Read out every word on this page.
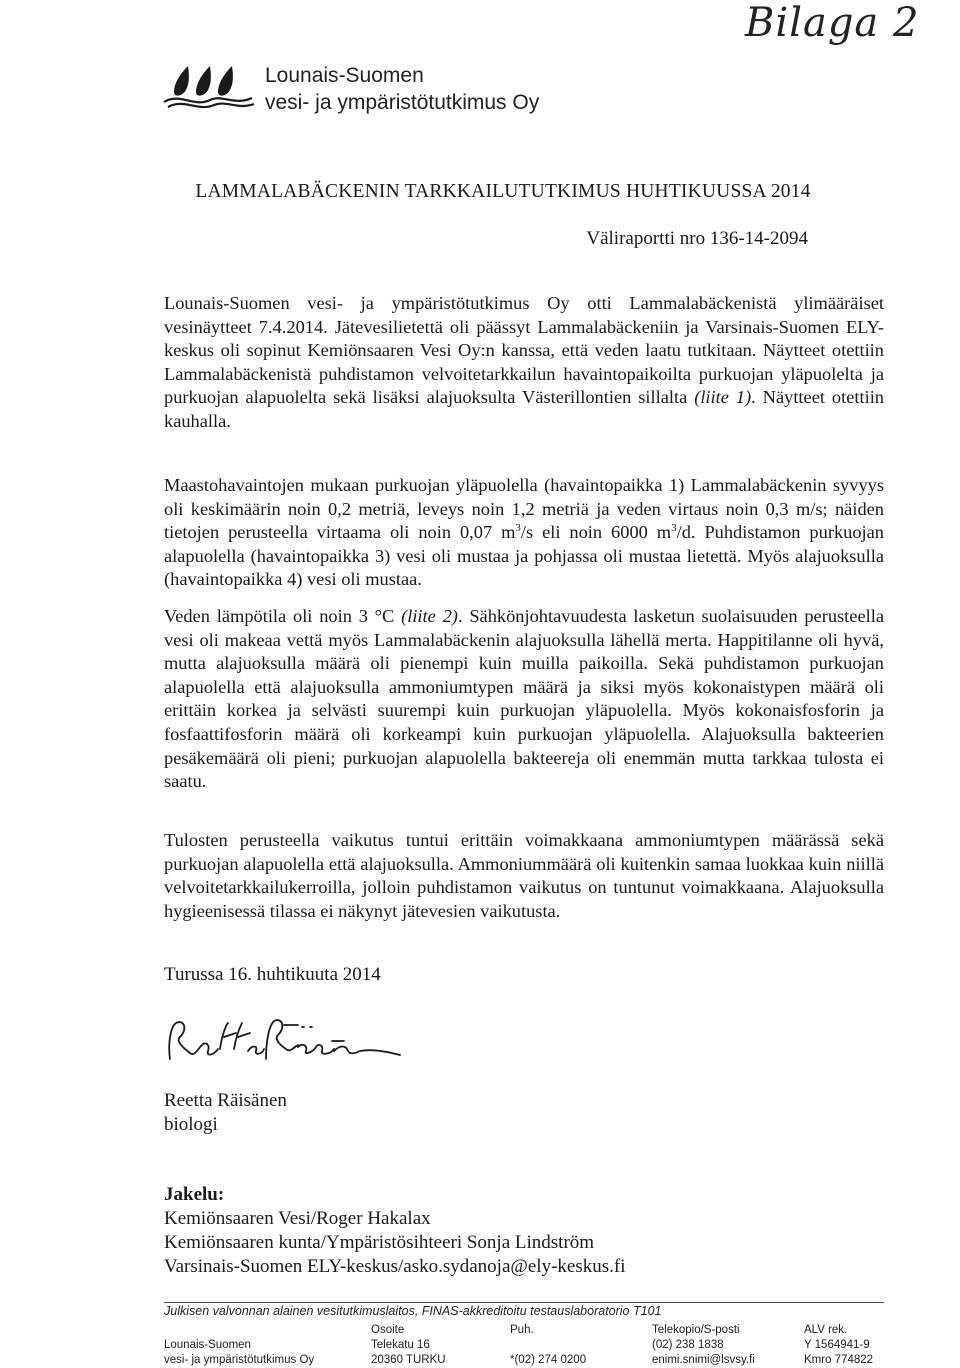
Bilaga 2
Lounais-Suomen
vesi- ja ympäristötutkimus Oy
LAMMALABÄCKENIN TARKKAILUTUTKIMUS HUHTIKUUSSA 2014
Väliraportti nro 136-14-2094

Lounais-Suomen vesi- ja ympäristötutkimus Oy otti Lammalabäckenistä ylimääräiset vesinäytteet 7.4.2014. Jätevesilietettä oli päässyt Lammalabäckeniin ja Varsinais-Suomen ELY-keskus oli sopinut Kemiönsaaren Vesi Oy:n kanssa, että veden laatu tutkitaan. Näytteet otettiin Lammalabäckenistä puhdistamon velvoitetarkkailun havaintopaikoilta purkuojan yläpuolelta ja purkuojan alapuolelta sekä lisäksi alajuoksulta Västerillontien sillalta (liite 1). Näytteet otettiin kauhalla.

Maastohavaintojen mukaan purkuojan yläpuolella (havaintopaikka 1) Lammalabäckenin syvyys oli keskimäärin noin 0,2 metriä, leveys noin 1,2 metriä ja veden virtaus noin 0,3 m/s; näiden tietojen perusteella virtaama oli noin 0,07 $m^3/s$ eli noin 6000 $m^3/d$. Puhdistamon purkuojan alapuolella (havaintopaikka 3) vesi oli mustaa ja pohjassa oli mustaa lietettä. Myös alajuoksulla (havaintopaikka 4) vesi oli mustaa.

Veden lämpötila oli noin 3 °C (liite 2). Sähkönjohtavuudesta lasketun suolaisuuden perusteella vesi oli makeaa vettä myös Lammalabäckenin alajuoksulla lähellä merta. Happitilanne oli hyvä, mutta alajuoksulla määrä oli pienempi kuin muilla paikoilla. Sekä puhdistamon purkuojan alapuolella että alajuoksulla ammoniumtypen määrä ja siksi myös kokonaistypen määrä oli erittäin korkea ja selvästi suurempi kuin purkuojan yläpuolella. Myös kokonaisfosforin ja fosfaattifosforin määrä oli korkeampi kuin purkuojan yläpuolella. Alajuoksulla bakteerien pesäkemäärä oli pieni; purkuojan alapuolella bakteereja oli enemmän mutta tarkkaa tulosta ei saatu.

Tulosten perusteella vaikutus tuntui erittäin voimakkaana ammoniumtypen määrässä sekä purkuojan alapuolella että alajuoksulla. Ammoniummäärä oli kuitenkin samaa luokkaa kuin niillä velvoitetarkkailukerroilla, jolloin puhdistamon vaikutus on tuntunut voimakkaana. Alajuoksulla hygieenisessä tilassa ei näkynyt jätevesien vaikutusta.

Turussa 16. huhtikuuta 2014
Reetta Räisänen
biologi
Jakelu:
Kemiönsaaren Vesi/Roger Hakalax
Kemiönsaaren kunta/Ympäristösihteeri Sonja Lindström
Varsinais-Suomen ELY-keskus/asko.sydanoja@ely-keskus.fi
Julkisen valvonnan alainen vesitutkimuslaitos, FINAS-akkreditoitu testauslaboratorio T101
Lounais-Suomen
vesi- ja ympäristötutkimus Oy
Osoite
Telekatu 16
20360 TURKU
Puh.
*(02) 274 0200
Telekopio/S-posti
(02) 238 1838
enimi.snimi@lsvsy.fi
ALV rek.
Y 1564941-9
Kmro 774822
